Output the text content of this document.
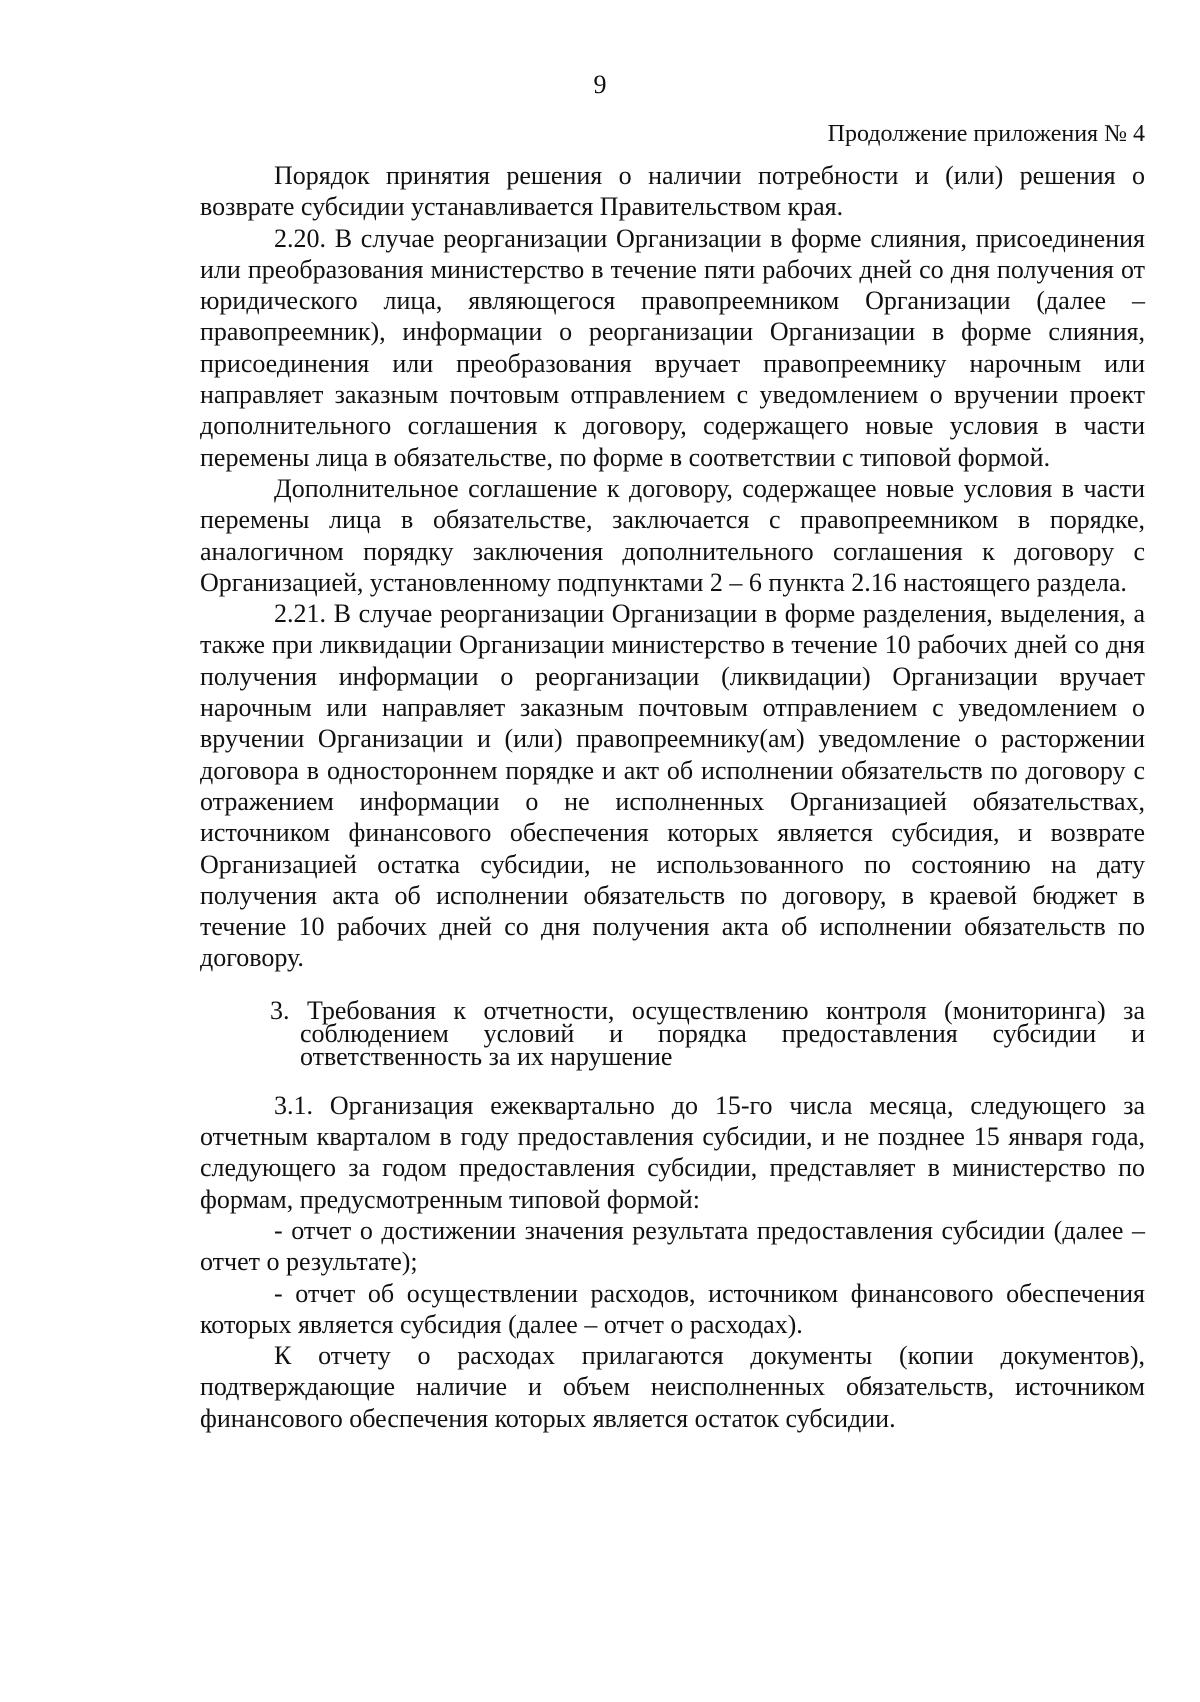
9
Продолжение приложения № 4

Порядок принятия решения о наличии потребности и (или) решения о возврате субсидии устанавливается Правительством края.

2.20. В случае реорганизации Организации в форме слияния, присоединения или преобразования министерство в течение пяти рабочих дней со дня получения от юридического лица, являющегося правопреемником Организации (далее – правопреемник), информации о реорганизации Организации в форме слияния, присоединения или преобразования вручает правопреемнику нарочным или направляет заказным почтовым отправлением с уведомлением о вручении проект дополнительного соглашения к договору, содержащего новые условия в части перемены лица в обязательстве, по форме в соответствии с типовой формой.

Дополнительное соглашение к договору, содержащее новые условия в части перемены лица в обязательстве, заключается с правопреемником в порядке, аналогичном порядку заключения дополнительного соглашения к договору с Организацией, установленному подпунктами 2 – 6 пункта 2.16 настоящего раздела.

2.21. В случае реорганизации Организации в форме разделения, выделения, а также при ликвидации Организации министерство в течение 10 рабочих дней со дня получения информации о реорганизации (ликвидации) Организации вручает нарочным или направляет заказным почтовым отправлением с уведомлением о вручении Организации и (или) правопреемнику(ам) уведомление о расторжении договора в одностороннем порядке и акт об исполнении обязательств по договору с отражением информации о не исполненных Организацией обязательствах, источником финансового обеспечения которых является субсидия, и возврате Организацией остатка субсидии, не использованного по состоянию на дату получения акта об исполнении обязательств по договору, в краевой бюджет в течение 10 рабочих дней со дня получения акта об исполнении обязательств по договору.

3. Требования к отчетности, осуществлению контроля (мониторинга) за соблюдением условий и порядка предоставления субсидии и ответственность за их нарушение

3.1. Организация ежеквартально до 15-го числа месяца, следующего за отчетным кварталом в году предоставления субсидии, и не позднее 15 января года, следующего за годом предоставления субсидии, представляет в министерство по формам, предусмотренным типовой формой:

- отчет о достижении значения результата предоставления субсидии (далее – отчет о результате);

- отчет об осуществлении расходов, источником финансового обеспечения которых является субсидия (далее – отчет о расходах).

К отчету о расходах прилагаются документы (копии документов), подтверждающие наличие и объем неисполненных обязательств, источником финансового обеспечения которых является остаток субсидии.
